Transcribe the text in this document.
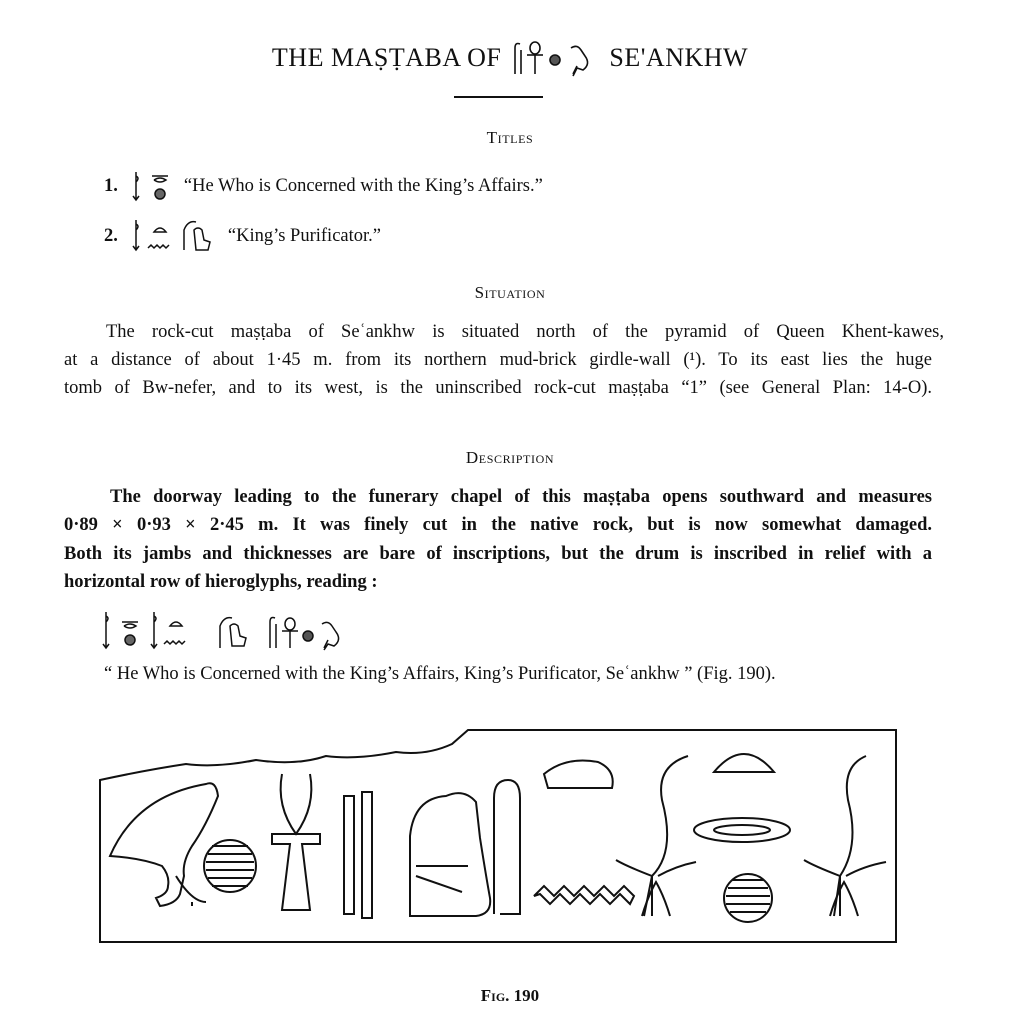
THE MAṢṬABA OF	SE'ANKHW
Titles
1.	“He Who is Concerned with the King’s Affairs.”
2.	“King’s Purificator.”
Situation
The rock-cut maṣṭaba of Seʿankhw is situated north of the pyramid of Queen Khent-kawes,
at a distance of about 1·45 m. from its northern mud-brick girdle-wall (¹). To its east lies the huge
tomb of Bw-nefer, and to its west, is the uninscribed rock-cut maṣṭaba “1” (see General Plan: 14-O).
Description
The doorway leading to the funerary chapel of this maṣṭaba opens southward and measures
0·89 × 0·93 × 2·45 m. It was finely cut in the native rock, but is now somewhat damaged.
Both its jambs and thicknesses are bare of inscriptions, but the drum is inscribed in relief with a
horizontal row of hieroglyphs, reading :
“ He Who is Concerned with the King’s Affairs, King’s Purificator, Seʿankhw ” (Fig. 190).
Fig. 190
